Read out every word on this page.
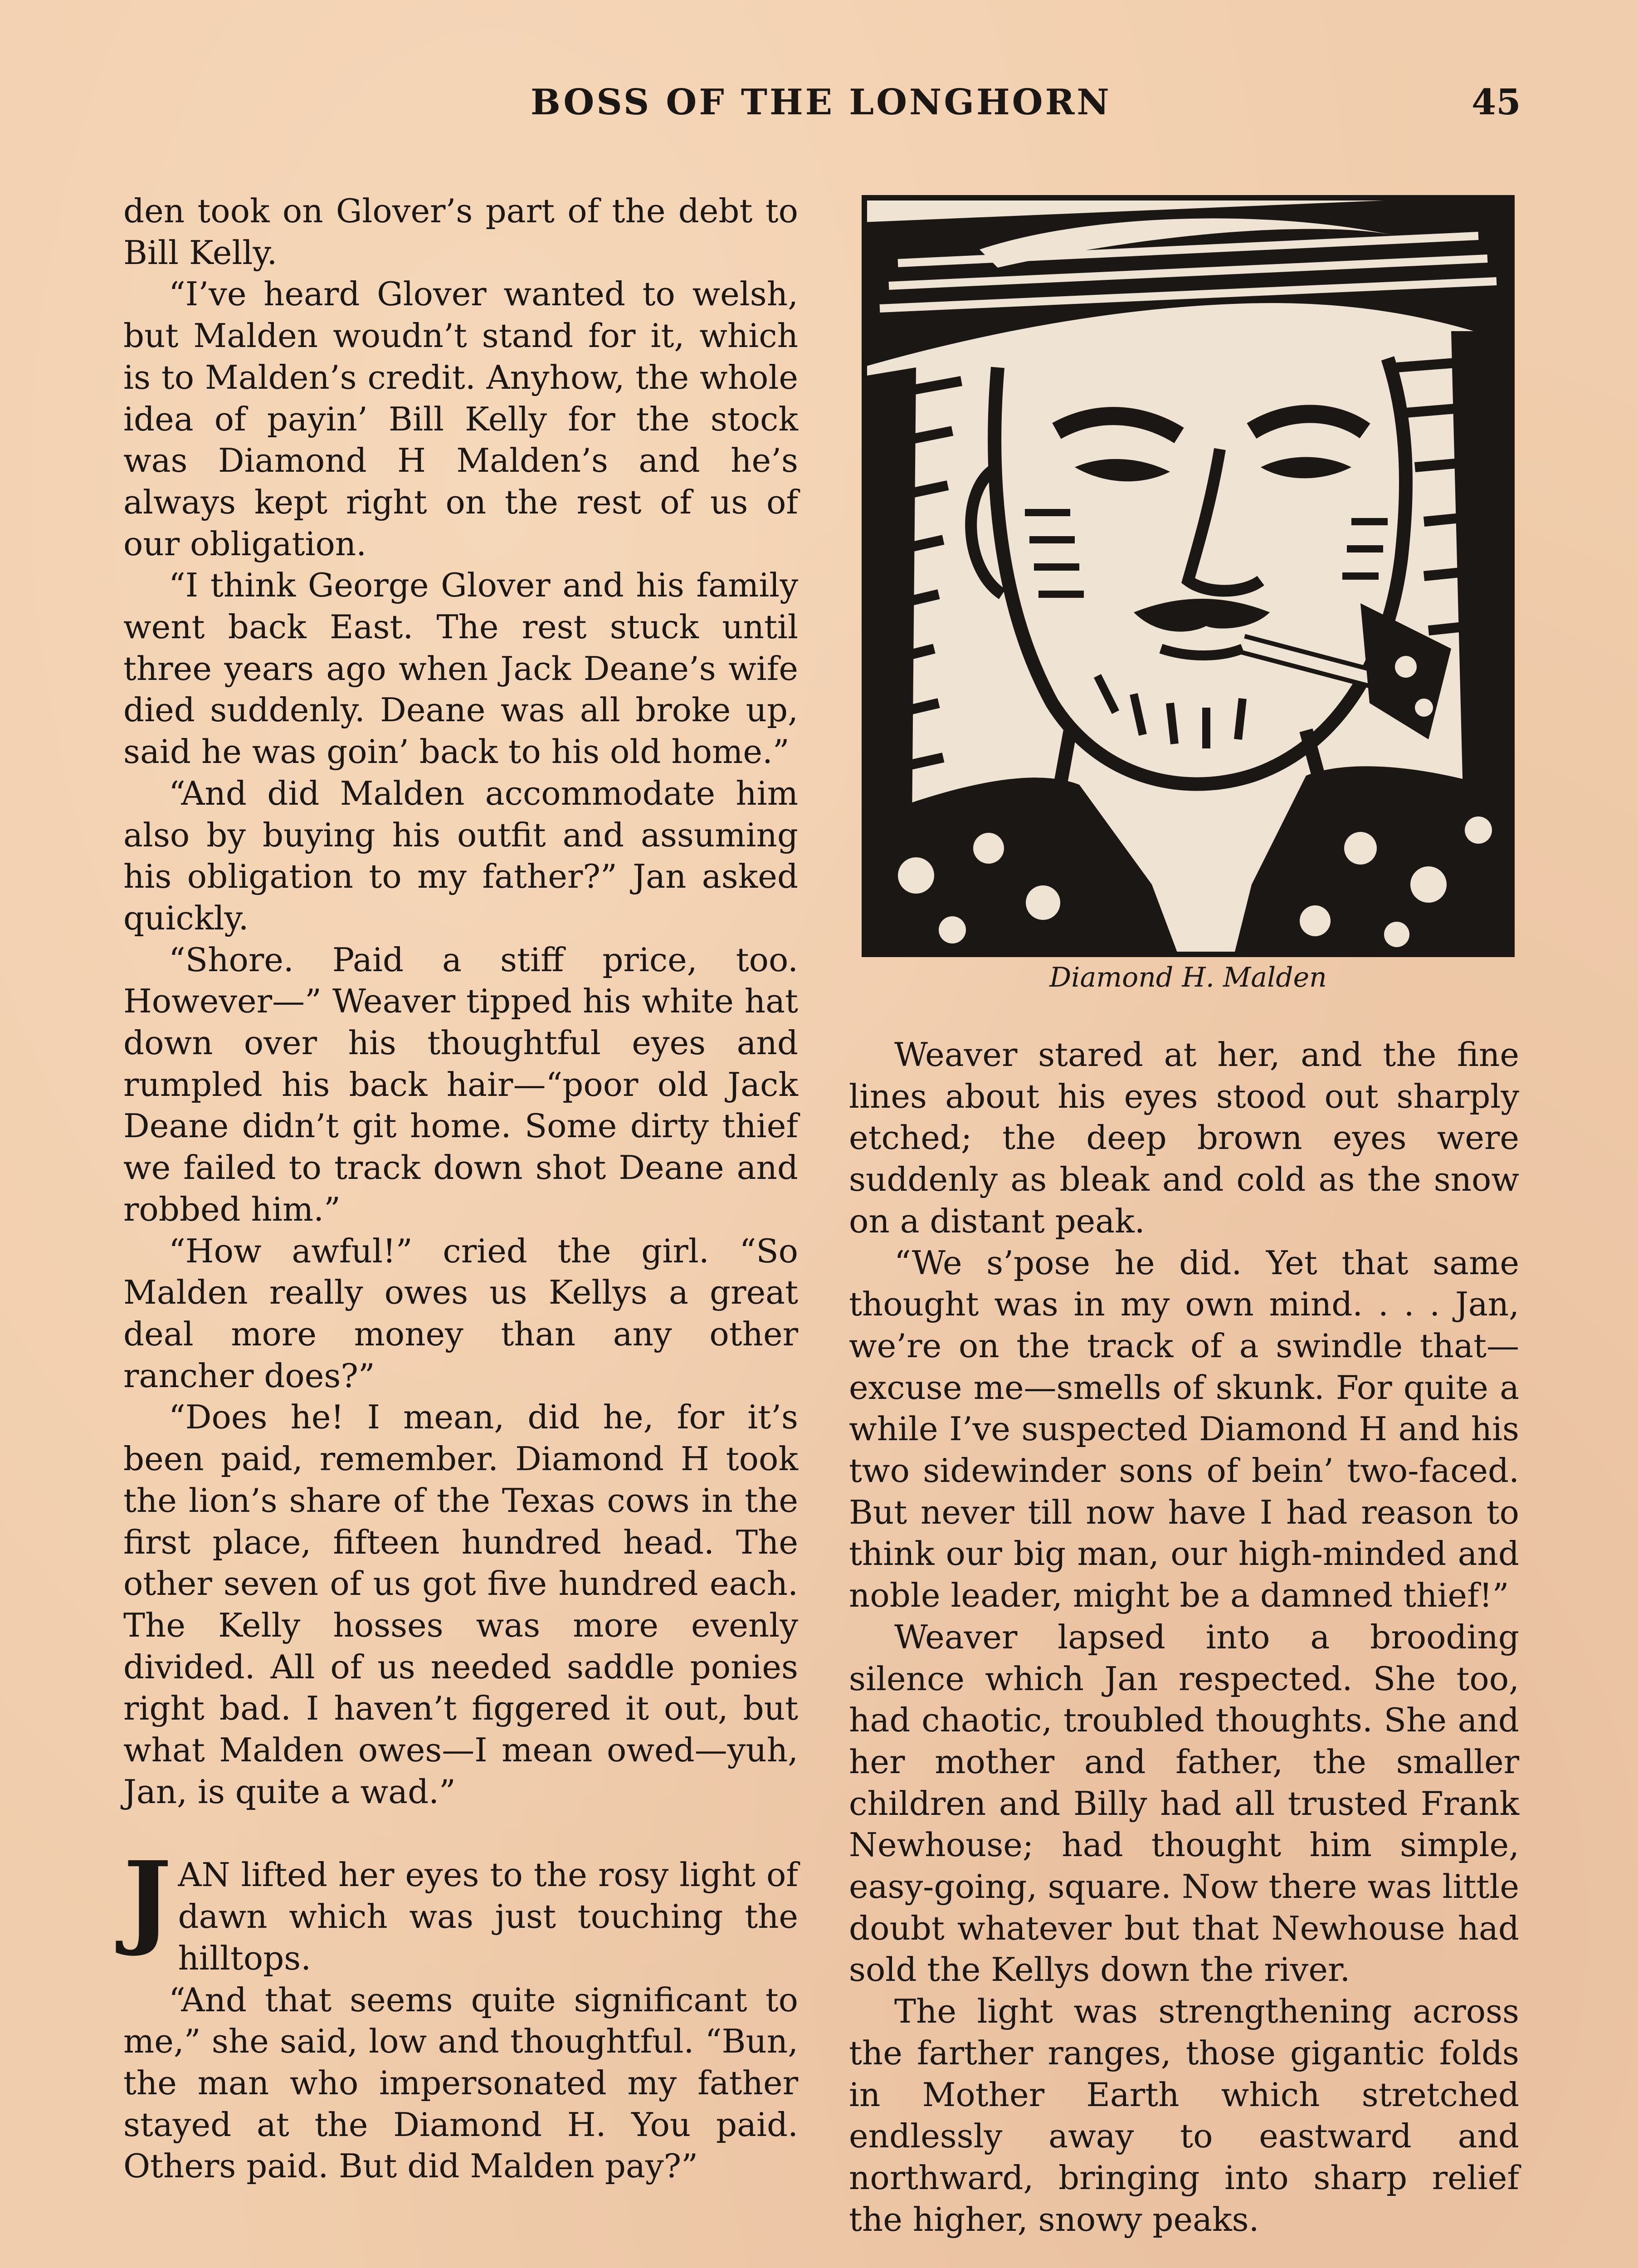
BOSS OF THE LONGHORN	45

den took on Glover’s part of the debt to Bill Kelly.

“I’ve heard Glover wanted to welsh, but Malden woudn’t stand for it, which is to Malden’s credit. Anyhow, the whole idea of payin’ Bill Kelly for the stock was Diamond H Malden’s and he’s always kept right on the rest of us of our obligation.

“I think George Glover and his family went back East. The rest stuck until three years ago when Jack Deane’s wife died suddenly. Deane was all broke up, said he was goin’ back to his old home.”

“And did Malden accommodate him also by buying his outfit and assuming his obligation to my father?” Jan asked quickly.

“Shore. Paid a stiff price, too. However—” Weaver tipped his white hat down over his thoughtful eyes and rumpled his back hair—“poor old Jack Deane didn’t git home. Some dirty thief we failed to track down shot Deane and robbed him.”

“How awful!” cried the girl. “So Malden really owes us Kellys a great deal more money than any other rancher does?”

“Does he! I mean, did he, for it’s been paid, remember. Diamond H took the lion’s share of the Texas cows in the first place, fifteen hundred head. The other seven of us got five hundred each. The Kelly hosses was more evenly divided. All of us needed saddle ponies right bad. I haven’t figgered it out, but what Malden owes—I mean owed—yuh, Jan, is quite a wad.”

JAN lifted her eyes to the rosy light of dawn which was just touching the hilltops.

“And that seems quite significant to me,” she said, low and thoughtful. “Bun, the man who impersonated my father stayed at the Diamond H. You paid. Others paid. But did Malden pay?”

Diamond H. Malden

Weaver stared at her, and the fine lines about his eyes stood out sharply etched; the deep brown eyes were suddenly as bleak and cold as the snow on a distant peak.

“We s’pose he did. Yet that same thought was in my own mind. . . . Jan, we’re on the track of a swindle that—excuse me—smells of skunk. For quite a while I’ve suspected Diamond H and his two sidewinder sons of bein’ two-faced. But never till now have I had reason to think our big man, our high-minded and noble leader, might be a damned thief!”

Weaver lapsed into a brooding silence which Jan respected. She too, had chaotic, troubled thoughts. She and her mother and father, the smaller children and Billy had all trusted Frank Newhouse; had thought him simple, easy-going, square. Now there was little doubt whatever but that Newhouse had sold the Kellys down the river.

The light was strengthening across the farther ranges, those gigantic folds in Mother Earth which stretched endlessly away to eastward and northward, bringing into sharp relief the higher, snowy peaks.
